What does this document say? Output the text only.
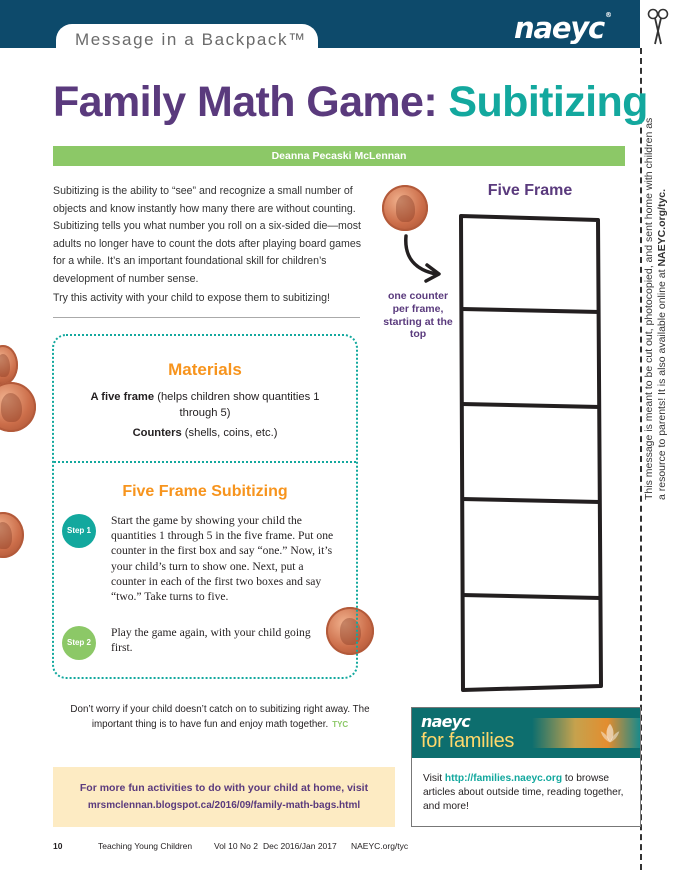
Message in a Backpack™	naeyc®
This message is meant to be cut out, photocopied, and sent home with children as a resource to parents! It is also available online at NAEYC.org/tyc.
Family Math Game: Subitizing
Deanna Pecaski McLennan
Subitizing is the ability to “see” and recognize a small number of objects and know instantly how many there are without counting. Subitizing tells you what number you roll on a six-sided die—most adults no longer have to count the dots after playing board games for a while. It’s an important foundational skill for children’s development of number sense.
Try this activity with your child to expose them to subitizing!
Materials
A five frame (helps children show quantities 1 through 5)
Counters (shells, coins, etc.)
Five Frame Subitizing
Step 1
Start the game by showing your child the quantities 1 through 5 in the five frame. Put one counter in the first box and say “one.” Now, it’s your child’s turn to show one. Next, put a counter in each of the first two boxes and say “two.” Take turns to five.
Step 2
Play the game again, with your child going first.
Five Frame
one counter per frame, starting at the top
Don’t worry if your child doesn’t catch on to subitizing right away. The important thing is to have fun and enjoy math together. TYC
For more fun activities to do with your child at home, visit
mrsmclennan.blogspot.ca/2016/09/family-math-bags.html
naeyc
for families
Visit http://families.naeyc.org to browse articles about outside time, reading together, and more!
10	Teaching Young Children	Vol 10 No 2 Dec 2016/Jan 2017 NAEYC.org/tyc
